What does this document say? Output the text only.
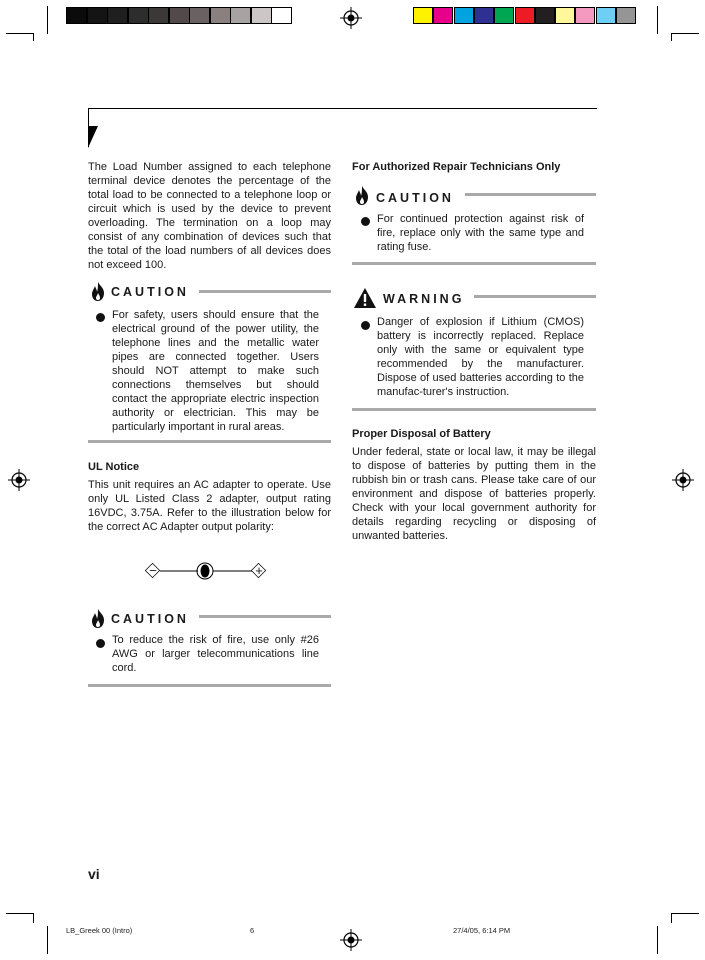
The Load Number assigned to each telephone terminal device denotes the percentage of the total load to be connected to a telephone loop or circuit which is used by the device to prevent overloading. The termination on a loop may consist of any combination of devices such that the total of the load numbers of all devices does not exceed 100.

CAUTION

For safety, users should ensure that the electrical ground of the power utility, the telephone lines and the metallic water pipes are connected together. Users should NOT attempt to make such connections themselves but should contact the appropriate electric inspection authority or electrician. This may be particularly important in rural areas.

UL Notice

This unit requires an AC adapter to operate. Use only UL Listed Class 2 adapter, output rating 16VDC, 3.75A. Refer to the illustration below for the correct AC Adapter output polarity:

−	+
CAUTION

To reduce the risk of fire, use only #26 AWG or larger telecommunications line cord.

For Authorized Repair Technicians Only

CAUTION

For continued protection against risk of fire, replace only with the same type and rating fuse.

WARNING

Danger of explosion if Lithium (CMOS) battery is incorrectly replaced. Replace only with the same or equivalent type recommended by the manufacturer. Dispose of used batteries according to the manufac-turer's instruction.

Proper Disposal of Battery

Under federal, state or local law, it may be illegal to dispose of batteries by putting them in the rubbish bin or trash cans. Please take care of our environment and dispose of batteries properly. Check with your local government authority for details regarding recycling or disposing of unwanted batteries.

vi
LB_Greek 00 (Intro)	6	27/4/05, 6:14 PM
